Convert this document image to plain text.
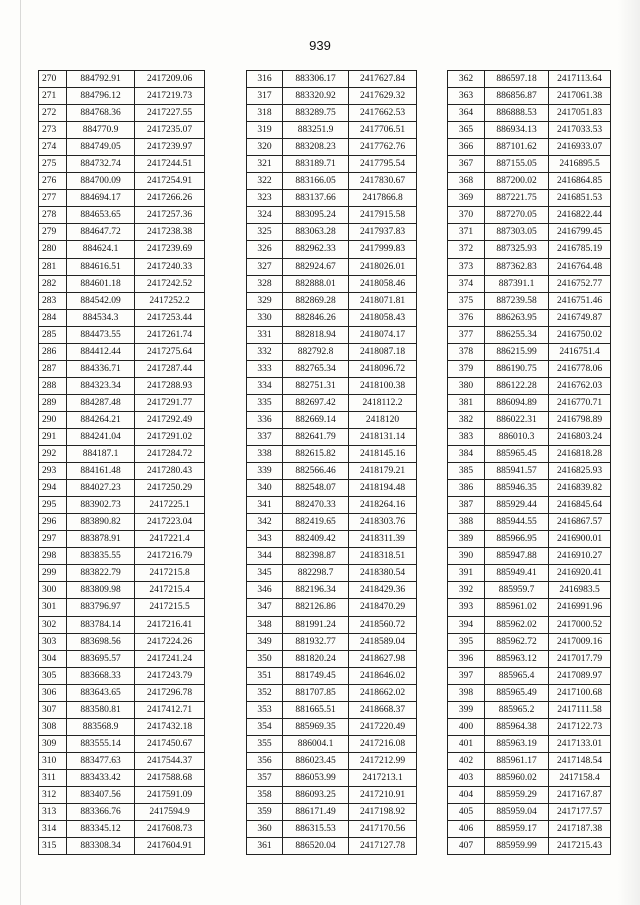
939
270	884792.91	2417209.06
271	884796.12	2417219.73
272	884768.36	2417227.55
273	884770.9	2417235.07
274	884749.05	2417239.97
275	884732.74	2417244.51
276	884700.09	2417254.91
277	884694.17	2417266.26
278	884653.65	2417257.36
279	884647.72	2417238.38
280	884624.1	2417239.69
281	884616.51	2417240.33
282	884601.18	2417242.52
283	884542.09	2417252.2
284	884534.3	2417253.44
285	884473.55	2417261.74
286	884412.44	2417275.64
287	884336.71	2417287.44
288	884323.34	2417288.93
289	884287.48	2417291.77
290	884264.21	2417292.49
291	884241.04	2417291.02
292	884187.1	2417284.72
293	884161.48	2417280.43
294	884027.23	2417250.29
295	883902.73	2417225.1
296	883890.82	2417223.04
297	883878.91	2417221.4
298	883835.55	2417216.79
299	883822.79	2417215.8
300	883809.98	2417215.4
301	883796.97	2417215.5
302	883784.14	2417216.41
303	883698.56	2417224.26
304	883695.57	2417241.24
305	883668.33	2417243.79
306	883643.65	2417296.78
307	883580.81	2417412.71
308	883568.9	2417432.18
309	883555.14	2417450.67
310	883477.63	2417544.37
311	883433.42	2417588.68
312	883407.56	2417591.09
313	883366.76	2417594.9
314	883345.12	2417608.73
315	883308.34	2417604.91
316	883306.17	2417627.84
317	883320.92	2417629.32
318	883289.75	2417662.53
319	883251.9	2417706.51
320	883208.23	2417762.76
321	883189.71	2417795.54
322	883166.05	2417830.67
323	883137.66	2417866.8
324	883095.24	2417915.58
325	883063.28	2417937.83
326	882962.33	2417999.83
327	882924.67	2418026.01
328	882888.01	2418058.46
329	882869.28	2418071.81
330	882846.26	2418058.43
331	882818.94	2418074.17
332	882792.8	2418087.18
333	882765.34	2418096.72
334	882751.31	2418100.38
335	882697.42	2418112.2
336	882669.14	2418120
337	882641.79	2418131.14
338	882615.82	2418145.16
339	882566.46	2418179.21
340	882548.07	2418194.48
341	882470.33	2418264.16
342	882419.65	2418303.76
343	882409.42	2418311.39
344	882398.87	2418318.51
345	882298.7	2418380.54
346	882196.34	2418429.36
347	882126.86	2418470.29
348	881991.24	2418560.72
349	881932.77	2418589.04
350	881820.24	2418627.98
351	881749.45	2418646.02
352	881707.85	2418662.02
353	881665.51	2418668.37
354	885969.35	2417220.49
355	886004.1	2417216.08
356	886023.45	2417212.99
357	886053.99	2417213.1
358	886093.25	2417210.91
359	886171.49	2417198.92
360	886315.53	2417170.56
361	886520.04	2417127.78
362	886597.18	2417113.64
363	886856.87	2417061.38
364	886888.53	2417051.83
365	886934.13	2417033.53
366	887101.62	2416933.07
367	887155.05	2416895.5
368	887200.02	2416864.85
369	887221.75	2416851.53
370	887270.05	2416822.44
371	887303.05	2416799.45
372	887325.93	2416785.19
373	887362.83	2416764.48
374	887391.1	2416752.77
375	887239.58	2416751.46
376	886263.95	2416749.87
377	886255.34	2416750.02
378	886215.99	2416751.4
379	886190.75	2416778.06
380	886122.28	2416762.03
381	886094.89	2416770.71
382	886022.31	2416798.89
383	886010.3	2416803.24
384	885965.45	2416818.28
385	885941.57	2416825.93
386	885946.35	2416839.82
387	885929.44	2416845.64
388	885944.55	2416867.57
389	885966.95	2416900.01
390	885947.88	2416910.27
391	885949.41	2416920.41
392	885959.7	2416983.5
393	885961.02	2416991.96
394	885962.02	2417000.52
395	885962.72	2417009.16
396	885963.12	2417017.79
397	885965.4	2417089.97
398	885965.49	2417100.68
399	885965.2	2417111.58
400	885964.38	2417122.73
401	885963.19	2417133.01
402	885961.17	2417148.54
403	885960.02	2417158.4
404	885959.29	2417167.87
405	885959.04	2417177.57
406	885959.17	2417187.38
407	885959.99	2417215.43
